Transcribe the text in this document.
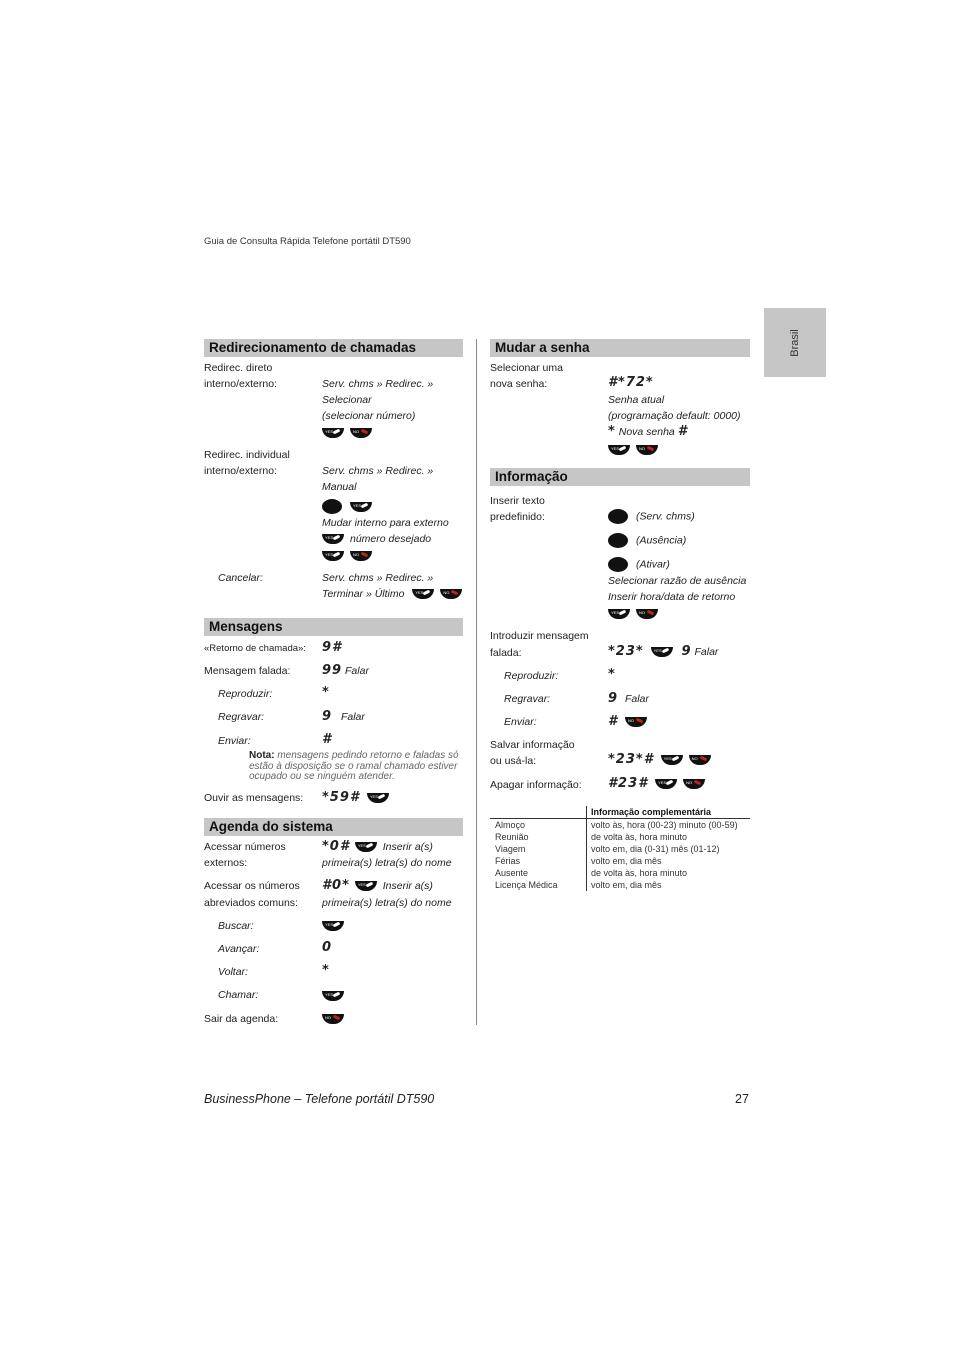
Guia de Consulta Rápida Telefone portátil DT590
Brasil
Redirecionamento de chamadas
Redirec. direto
interno/externo:	Serv. chms » Redirec. »
Selecionar
(selecionar número)
YES	NO
Redirec. individual
interno/externo:	Serv. chms » Redirec. »
Manual
YES
Mudar interno para externo
YES número desejado
YES	NO
Cancelar:	Serv. chms » Redirec. »
Terminar » Último	YES	NO
Mensagens
«Retorno de chamada»: 9#
Mensagem falada: 99 Falar
Reproduzir:	*
Regravar:	9 Falar
Enviar:	#
Nota: mensagens pedindo retorno e faladas só estão à disposição se o ramal chamado estiver ocupado ou se ninguém atender.
Ouvir as mensagens: *59# YES
Agenda do sistema
Acessar números
externos:
*0# YES Inserir a(s)
primeira(s) letra(s) do nome
Acessar os números
abreviados comuns:
#0* YES Inserir a(s)
primeira(s) letra(s) do nome
Buscar:	YES
Avançar:	0
Voltar:	*
Chamar:	YES
Sair da agenda:	NO
Mudar a senha
Selecionar uma
nova senha:	#*72*
Senha atual
(programação default: 0000)
* Nova senha #
YES	NO
Informação
Inserir texto
predefinido:	(Serv. chms)
(Ausência)
(Ativar)
Selecionar razão de ausência
Inserir hora/data de retorno
YES	NO
Introduzir mensagem
falada:	*23* YES 9 Falar
Reproduzir:	*
Regravar:	9 Falar
Enviar:	# NO
Salvar informação
ou usá-la:	*23*# YES	NO
Apagar informação: #23# YES	NO
	Informação complementária
Almoço	volto às, hora (00-23) minuto (00-59)
Reunião	de volta às, hora minuto
Viagem	volto em, dia (0-31) mês (01-12)
Férias	volto em, dia mês
Ausente	de volta às, hora minuto
Licença Médica	volto em, dia mês
BusinessPhone – Telefone portátil DT590	27
